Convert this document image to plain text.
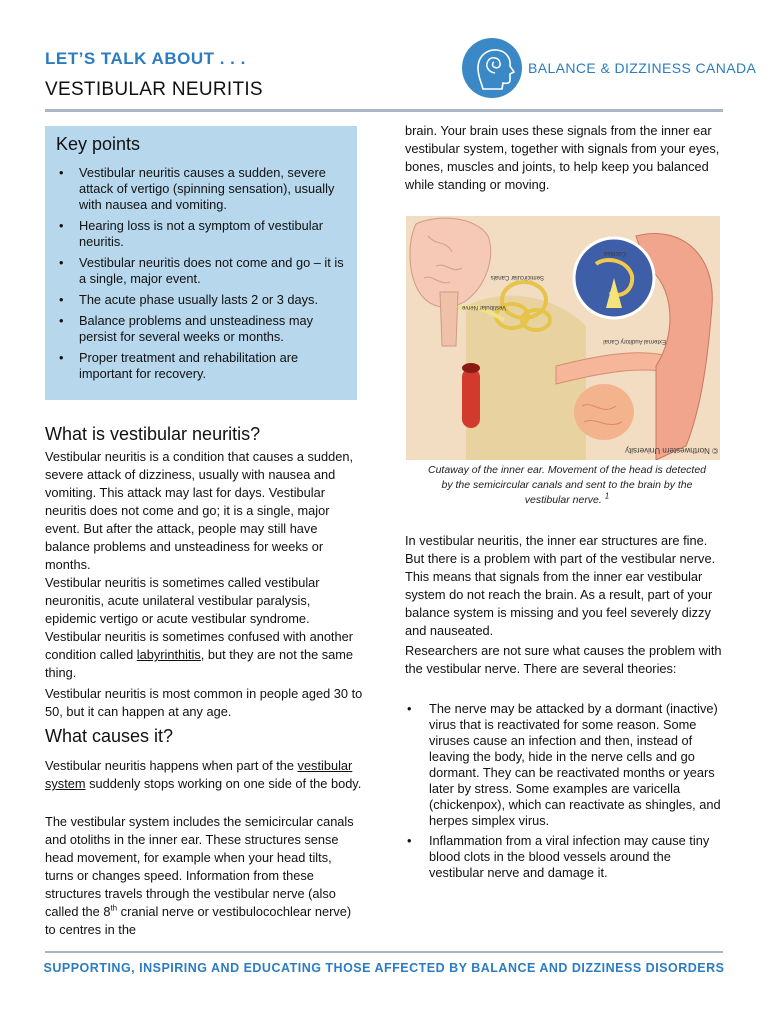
LET’S TALK ABOUT . . .
VESTIBULAR NEURITIS
BALANCE & DIZZINESS CANADA
Key points
• Vestibular neuritis causes a sudden, severe attack of vertigo (spinning sensation), usually with nausea and vomiting.
• Hearing loss is not a symptom of vestibular neuritis.
• Vestibular neuritis does not come and go – it is a single, major event.
• The acute phase usually lasts 2 or 3 days.
• Balance problems and unsteadiness may persist for several weeks or months.
• Proper treatment and rehabilitation are important for recovery.
What is vestibular neuritis?

Vestibular neuritis is a condition that causes a sudden, severe attack of dizziness, usually with nausea and vomiting. This attack may last for days. Vestibular neuritis does not come and go; it is a single, major event. But after the attack, people may still have balance problems and unsteadiness for weeks or months.

Vestibular neuritis is sometimes called vestibular neuronitis, acute unilateral vestibular paralysis, epidemic vertigo or acute vestibular syndrome. Vestibular neuritis is sometimes confused with another condition called labyrinthitis, but they are not the same thing.

Vestibular neuritis is most common in people aged 30 to 50, but it can happen at any age.

What causes it?

Vestibular neuritis happens when part of the vestibular system suddenly stops working on one side of the body.

The vestibular system includes the semicircular canals and otoliths in the inner ear. These structures sense head movement, for example when your head tilts, turns or changes speed. Information from these structures travels through the vestibular nerve (also called the 8th cranial nerve or vestibulocochlear nerve) to centres in the

brain. Your brain uses these signals from the inner ear vestibular system, together with signals from your eyes, bones, muscles and joints, to help keep you balanced while standing or moving.

Semicircular Canals
Cochlea
Vestibular Nerve
External Auditory Canal
© Northwestern University
Cutaway of the inner ear. Movement of the head is detected by the semicircular canals and sent to the brain by the vestibular nerve. $^1$

In vestibular neuritis, the inner ear structures are fine. But there is a problem with part of the vestibular nerve. This means that signals from the inner ear vestibular system do not reach the brain. As a result, part of your balance system is missing and you feel severely dizzy and nauseated.

Researchers are not sure what causes the problem with the vestibular nerve. There are several theories:

• The nerve may be attacked by a dormant (inactive) virus that is reactivated for some reason. Some viruses cause an infection and then, instead of leaving the body, hide in the nerve cells and go dormant. They can be reactivated months or years later by stress. Some examples are varicella (chickenpox), which can reactivate as shingles, and herpes simplex virus.
• Inflammation from a viral infection may cause tiny blood clots in the blood vessels around the vestibular nerve and damage it.
SUPPORTING, INSPIRING AND EDUCATING THOSE AFFECTED BY BALANCE AND DIZZINESS DISORDERS
